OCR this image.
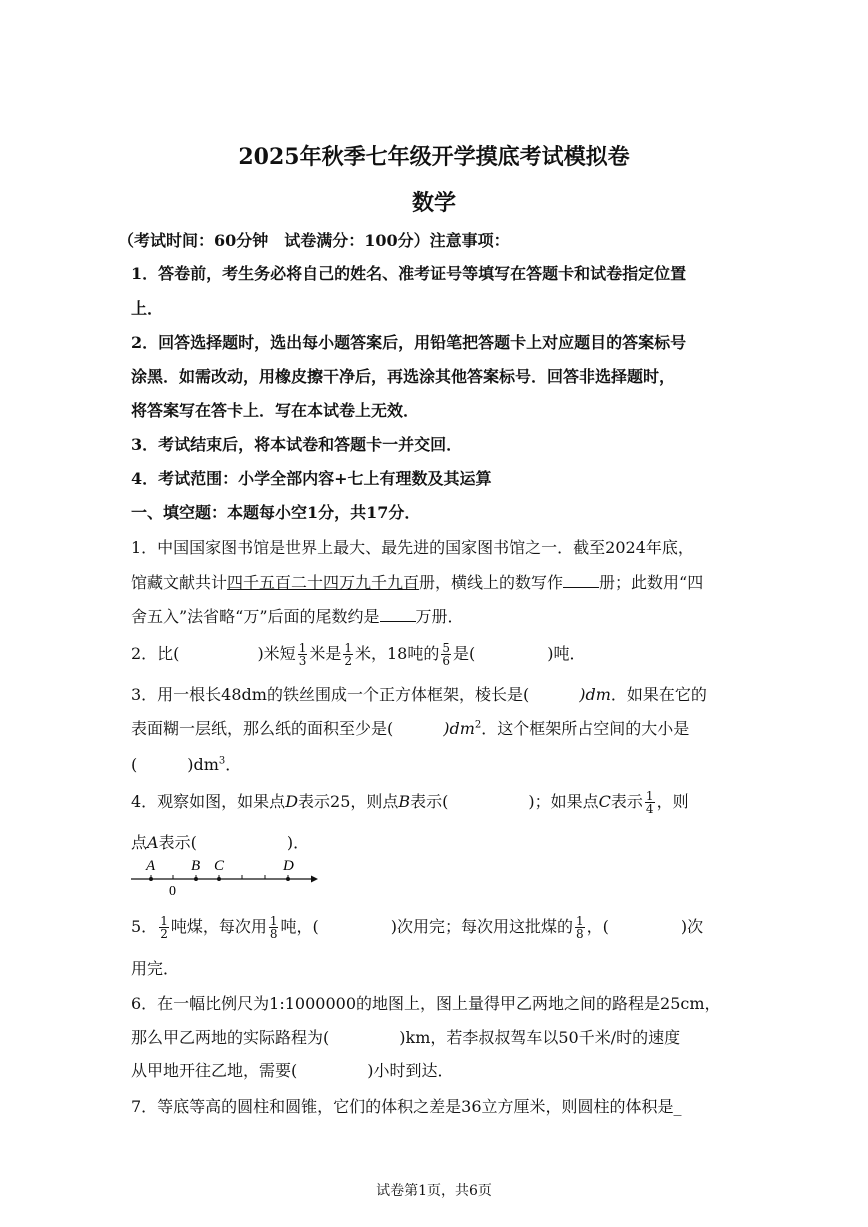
2025年秋季七年级开学摸底考试模拟卷
数学
（考试时间：60分钟　试卷满分：100分）注意事项：
1．答卷前，考生务必将自己的姓名、准考证号等填写在答题卡和试卷指定位置
上．
2．回答选择题时，选出每小题答案后，用铅笔把答题卡上对应题目的答案标号
涂黑．如需改动，用橡皮擦干净后，再选涂其他答案标号．回答非选择题时，
将答案写在答卡上．写在本试卷上无效．
3．考试结束后，将本试卷和答题卡一并交回．
4．考试范围：小学全部内容+七上有理数及其运算
一、填空题：本题每小空1分，共17分．
1．中国国家图书馆是世界上最大、最先进的国家图书馆之一．截至2024年底，
馆藏文献共计四千五百二十四万九千九百册，横线上的数写作 册；此数用“四
舍五入”法省略“万”后面的尾数约是 万册．
2．比(	)米短 $\frac{1}{3}$ 米是 $\frac{1}{2}$ 米，18吨的 $\frac{5}{6}$ 是(	)吨．
3．用一根长48dm的铁丝围成一个正方体框架，棱长是(	)dm．如果在它的
表面糊一层纸，那么纸的面积至少是(	)$dm^2$．这个框架所占空间的大小是
(	)$dm^3$．
4．观察如图，如果点D表示25，则点B表示(	)；如果点C表示 $\frac{1}{4}$ ，则
点A表示(	)．
A B C	D
0
5． $\frac{1}{2}$ 吨煤，每次用 $\frac{1}{8}$ 吨，(	)次用完；每次用这批煤的 $\frac{1}{8}$ ，(	)次
用完．
6．在一幅比例尺为1:1000000的地图上，图上量得甲乙两地之间的路程是25cm，
那么甲乙两地的实际路程为(	)km，若李叔叔驾车以50千米/时的速度
从甲地开往乙地，需要(	)小时到达．
7．等底等高的圆柱和圆锥，它们的体积之差是36立方厘米，则圆柱的体积是_
试卷第1页，共6页
